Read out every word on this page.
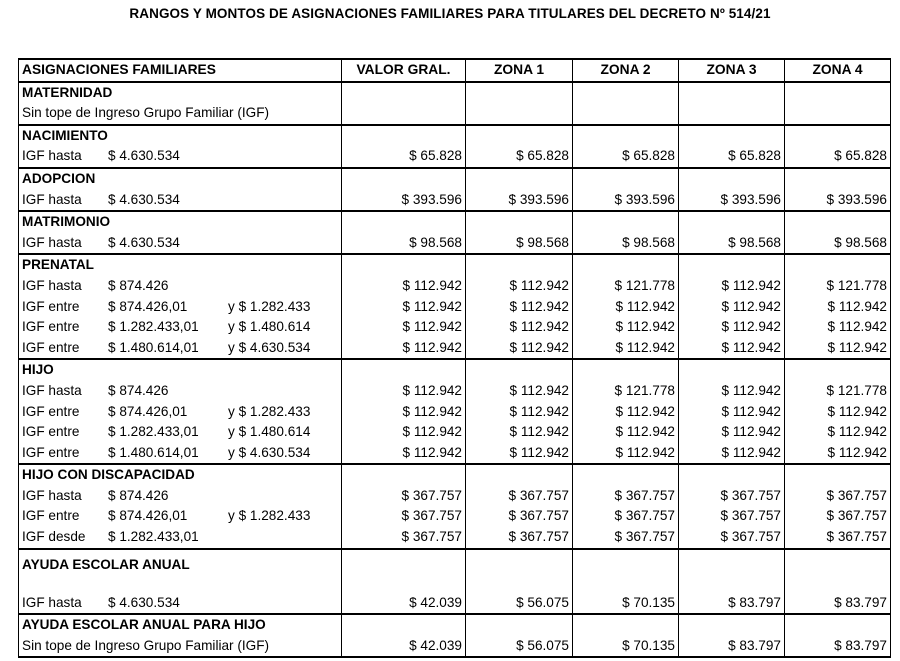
RANGOS Y MONTOS DE ASIGNACIONES FAMILIARES PARA TITULARES DEL DECRETO Nº 514/21
ASIGNACIONES FAMILIARES	VALOR GRAL.	ZONA 1	ZONA 2	ZONA 3	ZONA 4
MATERNIDAD					
Sin tope de Ingreso Grupo Familiar (IGF)					
NACIMIENTO					
IGF hasta $ 4.630.534	$ 65.828	$ 65.828	$ 65.828	$ 65.828	$ 65.828
ADOPCION					
IGF hasta $ 4.630.534	$ 393.596	$ 393.596	$ 393.596	$ 393.596	$ 393.596
MATRIMONIO					
IGF hasta $ 4.630.534	$ 98.568	$ 98.568	$ 98.568	$ 98.568	$ 98.568
PRENATAL					
IGF hasta $ 874.426	$ 112.942	$ 112.942	$ 121.778	$ 112.942	$ 121.778
IGF entre $ 874.426,01 y $ 1.282.433	$ 112.942	$ 112.942	$ 112.942	$ 112.942	$ 112.942
IGF entre $ 1.282.433,01 y $ 1.480.614	$ 112.942	$ 112.942	$ 112.942	$ 112.942	$ 112.942
IGF entre $ 1.480.614,01 y $ 4.630.534	$ 112.942	$ 112.942	$ 112.942	$ 112.942	$ 112.942
HIJO					
IGF hasta $ 874.426	$ 112.942	$ 112.942	$ 121.778	$ 112.942	$ 121.778
IGF entre $ 874.426,01 y $ 1.282.433	$ 112.942	$ 112.942	$ 112.942	$ 112.942	$ 112.942
IGF entre $ 1.282.433,01 y $ 1.480.614	$ 112.942	$ 112.942	$ 112.942	$ 112.942	$ 112.942
IGF entre $ 1.480.614,01 y $ 4.630.534	$ 112.942	$ 112.942	$ 112.942	$ 112.942	$ 112.942
HIJO CON DISCAPACIDAD					
IGF hasta $ 874.426	$ 367.757	$ 367.757	$ 367.757	$ 367.757	$ 367.757
IGF entre $ 874.426,01 y $ 1.282.433	$ 367.757	$ 367.757	$ 367.757	$ 367.757	$ 367.757
IGF desde $ 1.282.433,01	$ 367.757	$ 367.757	$ 367.757	$ 367.757	$ 367.757
AYUDA ESCOLAR ANUAL					

IGF hasta $ 4.630.534	$ 42.039	$ 56.075	$ 70.135	$ 83.797	$ 83.797
AYUDA ESCOLAR ANUAL PARA HIJO					
Sin tope de Ingreso Grupo Familiar (IGF)	$ 42.039	$ 56.075	$ 70.135	$ 83.797	$ 83.797
